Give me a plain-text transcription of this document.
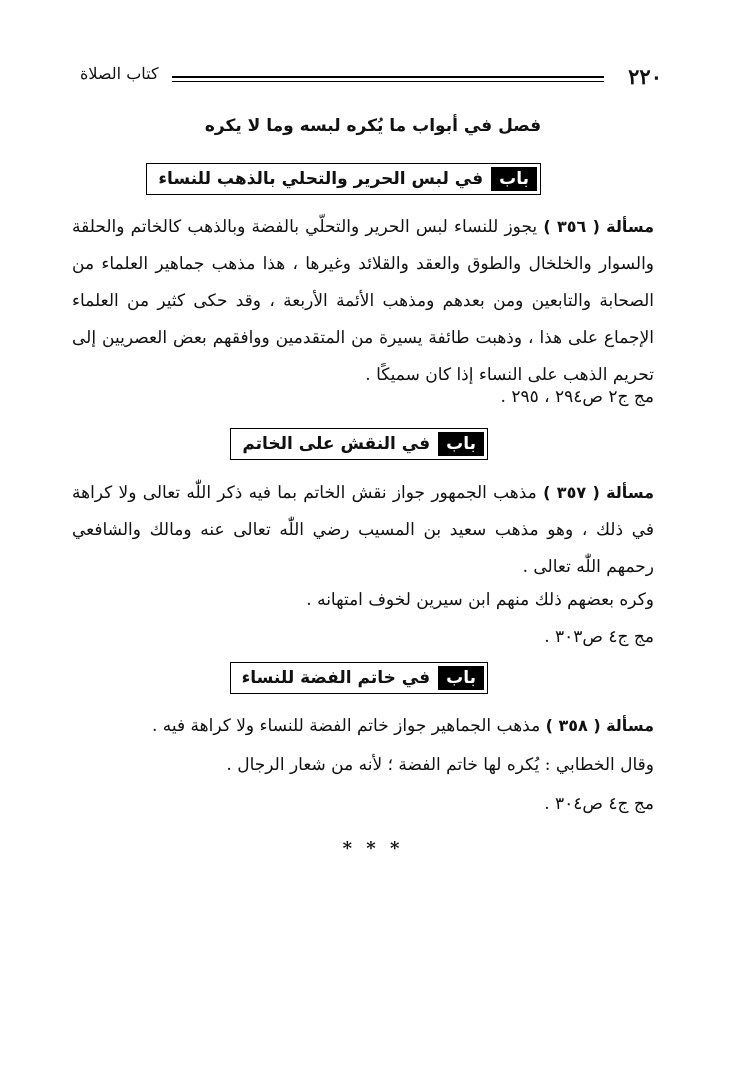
٢٢٠
كتاب الصلاة
فصل في أبواب ما يُكره لبسه وما لا يكره
باب
في لبس الحرير والتحلي بالذهب للنساء
مسألة ( ٣٥٦ ) يجوز للنساء لبس الحرير والتحلّي بالفضة وبالذهب كالخاتم والحلقة والسوار والخلخال والطوق والعقد والقلائد وغيرها ، هذا مذهب جماهير العلماء من الصحابة والتابعين ومن بعدهم ومذهب الأئمة الأربعة ، وقد حكى كثير من العلماء الإجماع على هذا ، وذهبت طائفة يسيرة من المتقدمين ووافقهم بعض العصريين إلى تحريم الذهب على النساء إذا كان سميكًا .
مج ج٢ ص٢٩٤ ، ٢٩٥ .
باب
في النقش على الخاتم
مسألة ( ٣٥٧ ) مذهب الجمهور جواز نقش الخاتم بما فيه ذكر اللّٰه تعالى ولا كراهة في ذلك ، وهو مذهب سعيد بن المسيب رضي اللّٰه تعالى عنه ومالك والشافعي رحمهم اللّٰه تعالى .
وكره بعضهم ذلك منهم ابن سيرين لخوف امتهانه .
مج ج٤ ص٣٠٣ .
باب
في خاتم الفضة للنساء
مسألة ( ٣٥٨ ) مذهب الجماهير جواز خاتم الفضة للنساء ولا كراهة فيه .
وقال الخطابي : يُكره لها خاتم الفضة ؛ لأنه من شعار الرجال .
مج ج٤ ص٣٠٤ .
* * *
